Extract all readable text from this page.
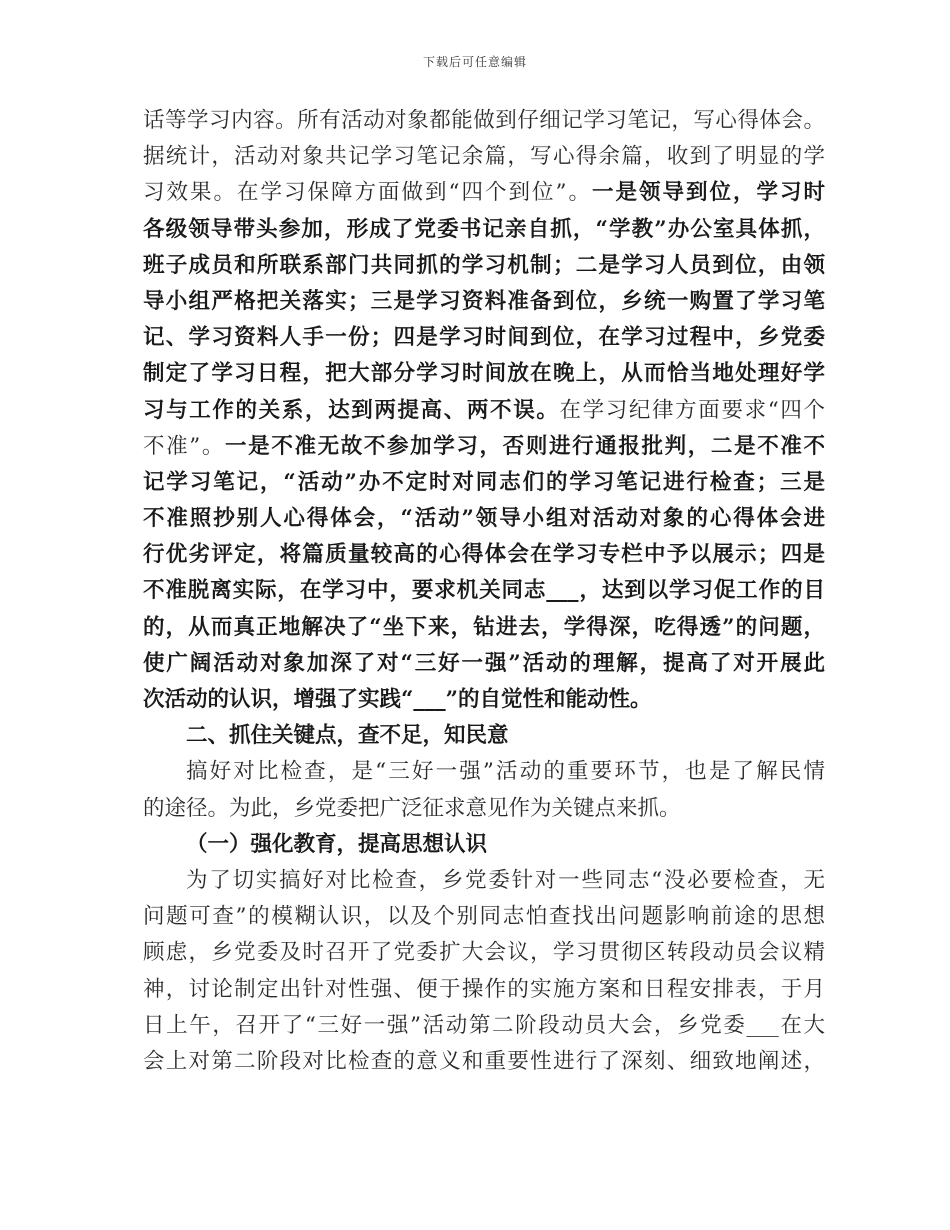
下载后可任意编辑
话等学习内容。所有活动对象都能做到仔细记学习笔记，写心得体会。
据统计，活动对象共记学习笔记余篇，写心得余篇，收到了明显的学
习效果。在学习保障方面做到“四个到位”。一是领导到位，学习时
各级领导带头参加，形成了党委书记亲自抓，“学教”办公室具体抓，
班子成员和所联系部门共同抓的学习机制；二是学习人员到位，由领
导小组严格把关落实；三是学习资料准备到位，乡统一购置了学习笔
记、学习资料人手一份；四是学习时间到位，在学习过程中，乡党委
制定了学习日程，把大部分学习时间放在晚上，从而恰当地处理好学
习与工作的关系，达到两提高、两不误。在学习纪律方面要求“四个
不准”。一是不准无故不参加学习，否则进行通报批判，二是不准不
记学习笔记，“活动”办不定时对同志们的学习笔记进行检查；三是
不准照抄别人心得体会，“活动”领导小组对活动对象的心得体会进
行优劣评定，将篇质量较高的心得体会在学习专栏中予以展示；四是
不准脱离实际，在学习中，要求机关同志___，达到以学习促工作的目
的，从而真正地解决了“坐下来，钻进去，学得深，吃得透”的问题，
使广阔活动对象加深了对“三好一强”活动的理解，提高了对开展此
次活动的认识，增强了实践“___”的自觉性和能动性。
二、抓住关键点，查不足，知民意
搞好对比检查，是“三好一强”活动的重要环节，也是了解民情
的途径。为此，乡党委把广泛征求意见作为关键点来抓。
（一）强化教育，提高思想认识
为了切实搞好对比检查，乡党委针对一些同志“没必要检查，无
问题可查”的模糊认识，以及个别同志怕查找出问题影响前途的思想
顾虑，乡党委及时召开了党委扩大会议，学习贯彻区转段动员会议精
神，讨论制定出针对性强、便于操作的实施方案和日程安排表，于月
日上午，召开了“三好一强”活动第二阶段动员大会，乡党委___在大
会上对第二阶段对比检查的意义和重要性进行了深刻、细致地阐述，
